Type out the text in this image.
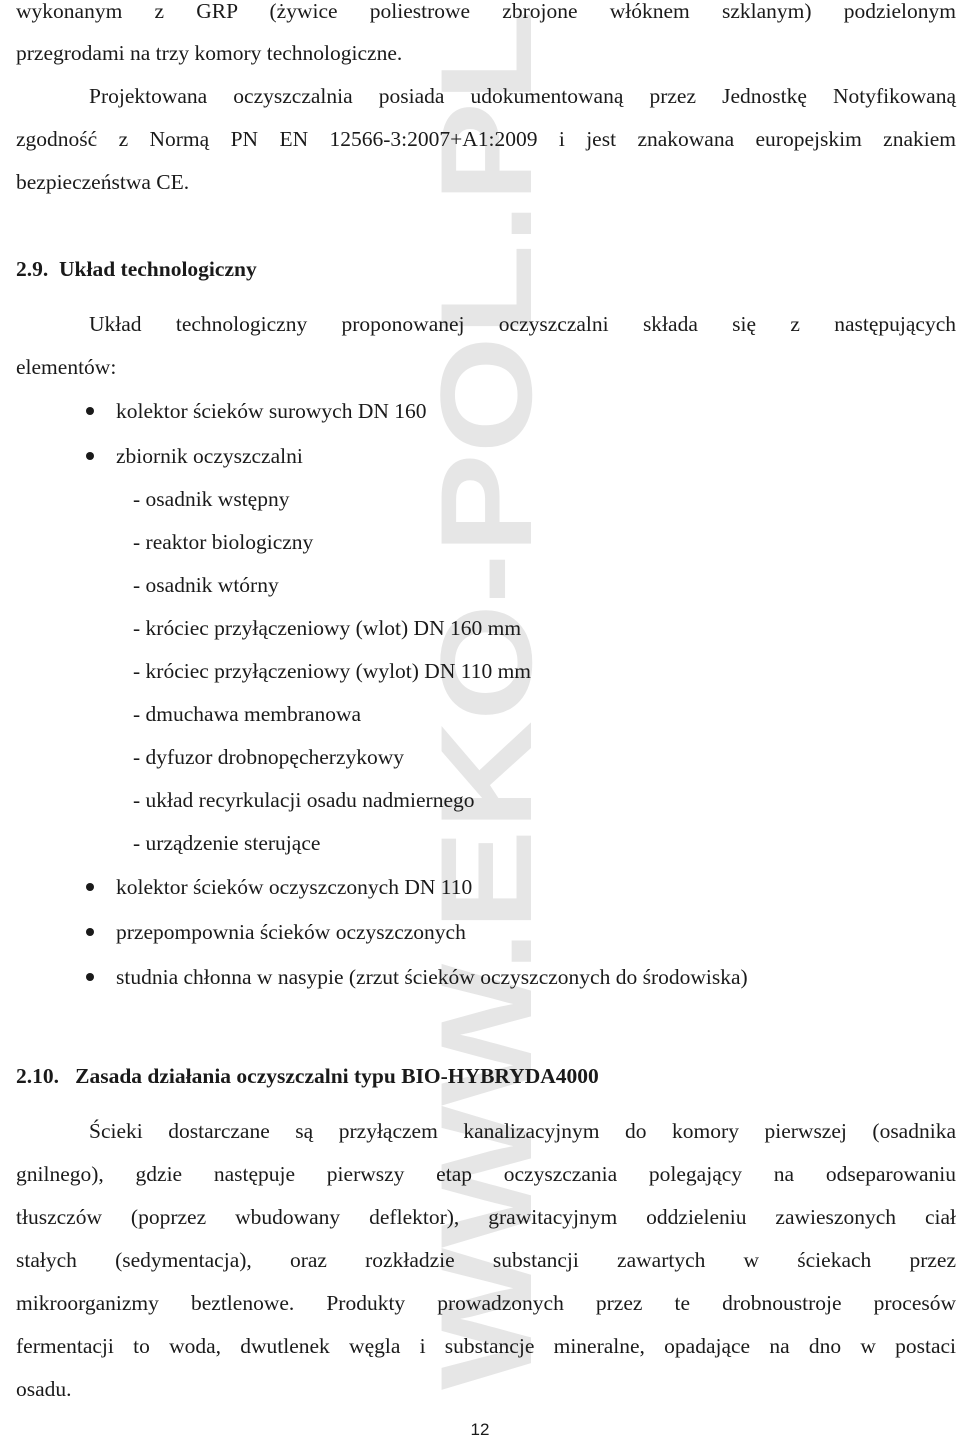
WWW.EKO-POL.PL
wykonanym z GRP (żywice poliestrowe zbrojone włóknem szklanym) podzielonym
przegrodami na trzy komory technologiczne.
Projektowana oczyszczalnia posiada udokumentowaną przez Jednostkę Notyfikowaną
zgodność z Normą PN EN 12566-3:2007+A1:2009 i jest znakowana europejskim znakiem
bezpieczeństwa CE.
2.9.  Układ technologiczny
Układ technologiczny proponowanej oczyszczalni składa się z następujących
elementów:
kolektor ścieków surowych DN 160
zbiornik oczyszczalni
- osadnik wstępny
- reaktor biologiczny
- osadnik wtórny
- króciec przyłączeniowy (wlot) DN 160 mm
- króciec przyłączeniowy (wylot) DN 110 mm
- dmuchawa membranowa
- dyfuzor drobnopęcherzykowy
- układ recyrkulacji osadu nadmiernego
- urządzenie sterujące
kolektor ścieków oczyszczonych DN 110
przepompownia ścieków oczyszczonych
studnia chłonna w nasypie (zrzut ścieków oczyszczonych do środowiska)
2.10.   Zasada działania oczyszczalni typu BIO-HYBRYDA4000
Ścieki dostarczane są przyłączem kanalizacyjnym do komory pierwszej (osadnika
gnilnego), gdzie następuje pierwszy etap oczyszczania polegający na odseparowaniu
tłuszczów (poprzez wbudowany deflektor), grawitacyjnym oddzieleniu zawieszonych ciał
stałych (sedymentacja), oraz rozkładzie substancji zawartych w ściekach przez
mikroorganizmy beztlenowe. Produkty prowadzonych przez te drobnoustroje procesów
fermentacji to woda, dwutlenek węgla i substancje mineralne, opadające na dno w postaci
osadu.
12
